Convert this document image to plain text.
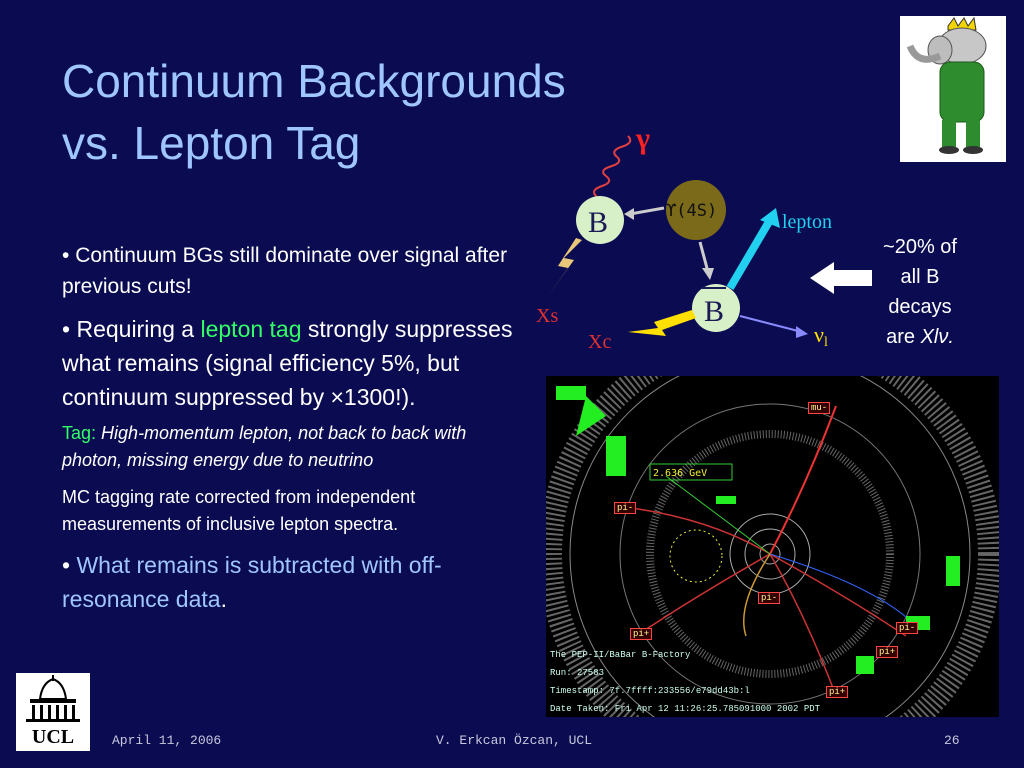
Continuum Backgrounds
vs. Lepton Tag	γ
ϒ(4S)
B
B
lepton
νl
Xs
Xc
~20% of
all B
decays
are Xlν.

• Continuum BGs still dominate over signal after previous cuts!

• Requiring a lepton tag strongly suppresses what remains (signal efficiency 5%, but continuum suppressed by ×1300!).

Tag: High-momentum lepton, not back to back with photon, missing energy due to neutrino

MC tagging rate corrected from independent measurements of inclusive lepton spectra.

• What remains is subtracted with off-resonance data.

2.636 GeV
mu-
pi-
pi-
pi+
pi-
pi+
pi+
The PEP-II/BaBar B-Factory
Run: 27583
Timestamp: 7f.7ffff:233556/e79dd43b:l
Date Taken: Fri Apr 12 11:26:25.785091000 2002 PDT
UCL	April 11, 2006	V. Erkcan Özcan, UCL	26
